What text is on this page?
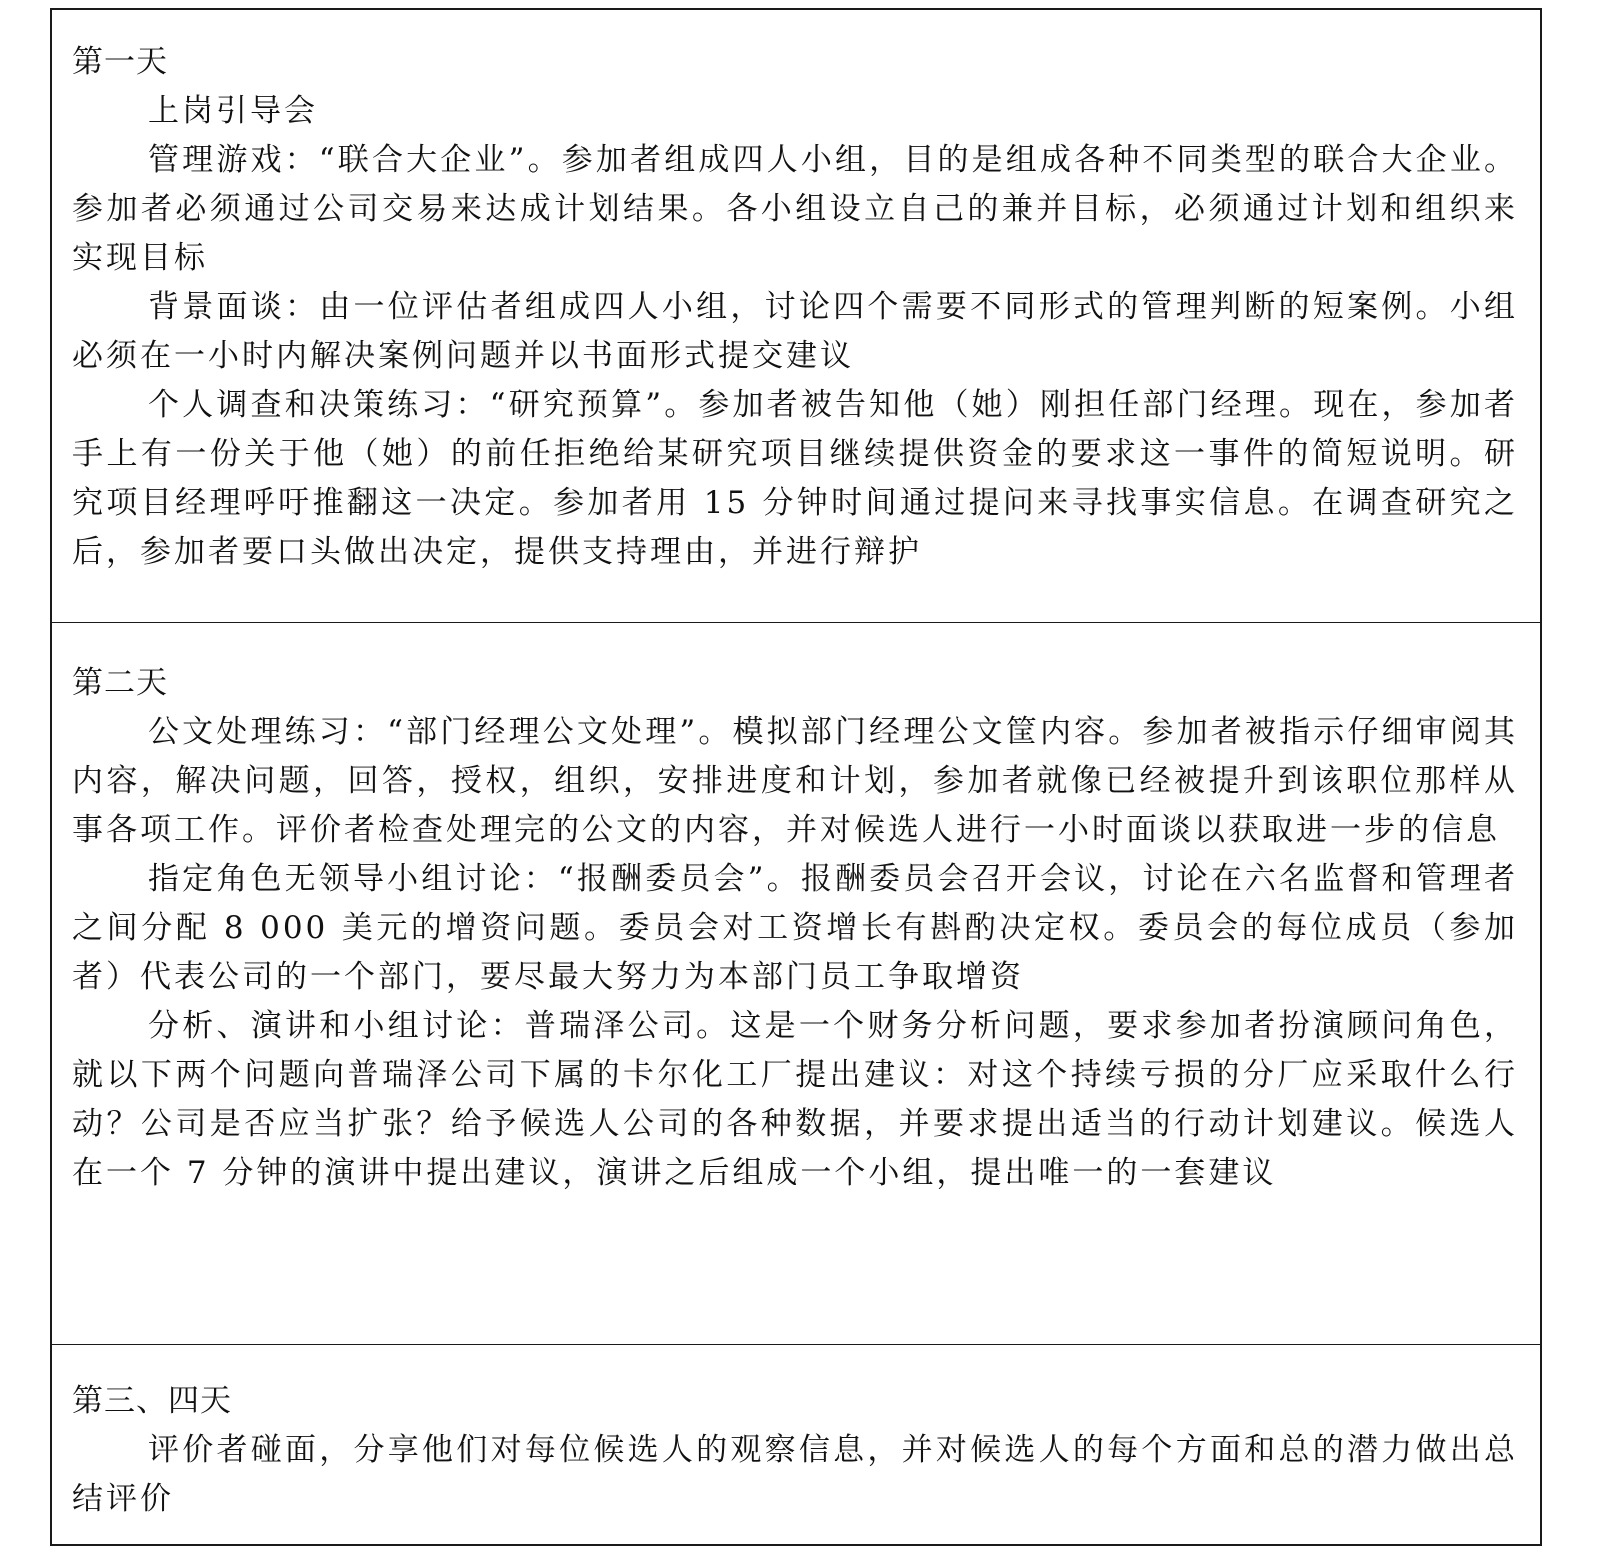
第一天

上岗引导会

管理游戏：“联合大企业”。参加者组成四人小组，目的是组成各种不同类型的联合大企业。参加者必须通过公司交易来达成计划结果。各小组设立自己的兼并目标，必须通过计划和组织来实现目标

背景面谈：由一位评估者组成四人小组，讨论四个需要不同形式的管理判断的短案例。小组必须在一小时内解决案例问题并以书面形式提交建议

个人调查和决策练习：“研究预算”。参加者被告知他（她）刚担任部门经理。现在，参加者手上有一份关于他（她）的前任拒绝给某研究项目继续提供资金的要求这一事件的简短说明。研究项目经理呼吁推翻这一决定。参加者用 15 分钟时间通过提问来寻找事实信息。在调查研究之后，参加者要口头做出决定，提供支持理由，并进行辩护

第二天

公文处理练习：“部门经理公文处理”。模拟部门经理公文筐内容。参加者被指示仔细审阅其内容，解决问题，回答，授权，组织，安排进度和计划，参加者就像已经被提升到该职位那样从事各项工作。评价者检查处理完的公文的内容，并对候选人进行一小时面谈以获取进一步的信息

指定角色无领导小组讨论：“报酬委员会”。报酬委员会召开会议，讨论在六名监督和管理者之间分配 8 000 美元的增资问题。委员会对工资增长有斟酌决定权。委员会的每位成员（参加者）代表公司的一个部门，要尽最大努力为本部门员工争取增资

分析、演讲和小组讨论：普瑞泽公司。这是一个财务分析问题，要求参加者扮演顾问角色，就以下两个问题向普瑞泽公司下属的卡尔化工厂提出建议：对这个持续亏损的分厂应采取什么行动？公司是否应当扩张？给予候选人公司的各种数据，并要求提出适当的行动计划建议。候选人在一个 7 分钟的演讲中提出建议，演讲之后组成一个小组，提出唯一的一套建议

第三、四天

评价者碰面，分享他们对每位候选人的观察信息，并对候选人的每个方面和总的潜力做出总结评价
